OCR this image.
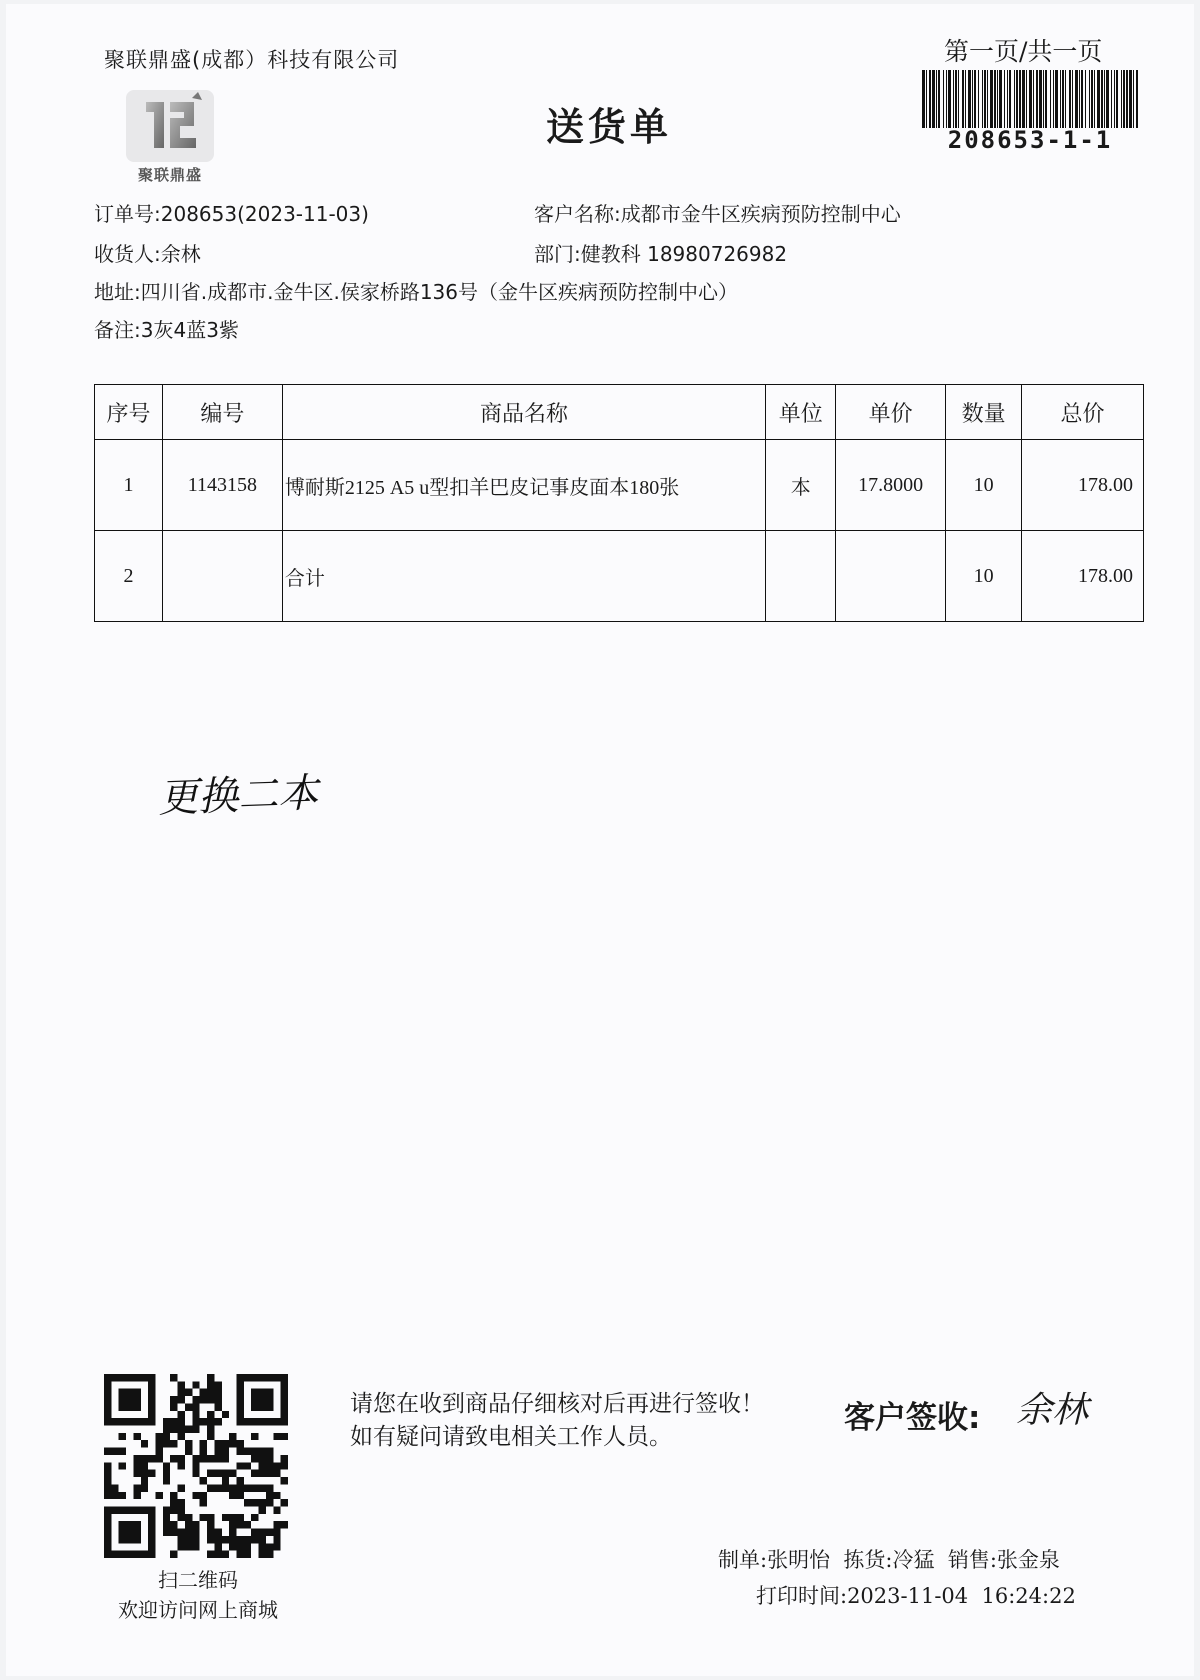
聚联鼎盛(成都）科技有限公司
聚联鼎盛
送货单
第一页/共一页
208653-1-1
订单号:208653(2023-11-03)	客户名称:成都市金牛区疾病预防控制中心
收货人:余林	部门:健教科 18980726982
地址:四川省.成都市.金牛区.侯家桥路136号（金牛区疾病预防控制中心）
备注:3灰4蓝3紫
序号	编号	商品名称	单位	单价	数量	总价
1	1143158	博耐斯2125 A5 u型扣羊巴皮记事皮面本180张	本	17.8000	10	178.00
2		合计			10	178.00
更换二本
扫二维码
欢迎访问网上商城
请您在收到商品仔细核对后再进行签收！如有疑问请致电相关工作人员。
客户签收: 余林
制单:张明怡  拣货:冷猛  销售:张金泉
打印时间:2023-11-04  16:24:22
